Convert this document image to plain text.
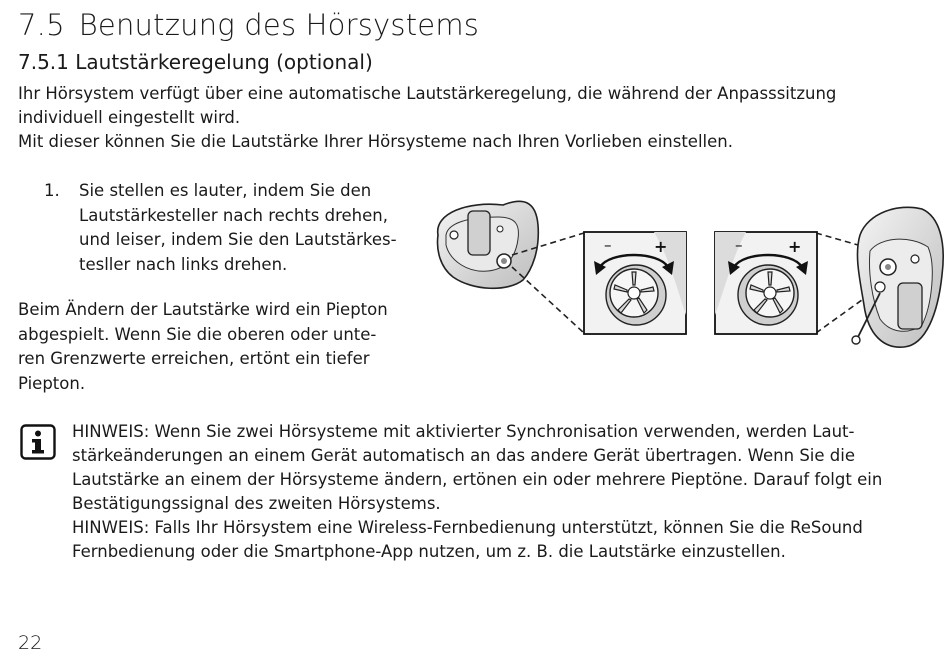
7.5 Benutzung des Hörsystems
7.5.1 Lautstärkeregelung (optional)
Ihr Hörsystem verfügt über eine automatische Lautstärkeregelung, die während der Anpasssitzung
individuell eingestellt wird.
Mit dieser können Sie die Lautstärke Ihrer Hörsysteme nach Ihren Vorlieben einstellen.
1. Sie stellen es lauter, indem Sie den
Lautstärkesteller nach rechts drehen,
und leiser, indem Sie den Lautstärkes-
tesller nach links drehen.
Beim Ändern der Lautstärke wird ein Piepton
abgespielt. Wenn Sie die oberen oder unte-
ren Grenzwerte erreichen, ertönt ein tiefer
Piepton.
–	+	–	+
HINWEIS: Wenn Sie zwei Hörsysteme mit aktivierter Synchronisation verwenden, werden Laut-
stärkeänderungen an einem Gerät automatisch an das andere Gerät übertragen. Wenn Sie die
Lautstärke an einem der Hörsysteme ändern, ertönen ein oder mehrere Pieptöne. Darauf folgt ein
Bestätigungssignal des zweiten Hörsystems.
HINWEIS: Falls Ihr Hörsystem eine Wireless-Fernbedienung unterstützt, können Sie die ReSound
Fernbedienung oder die Smartphone-App nutzen, um z. B. die Lautstärke einzustellen.
22
